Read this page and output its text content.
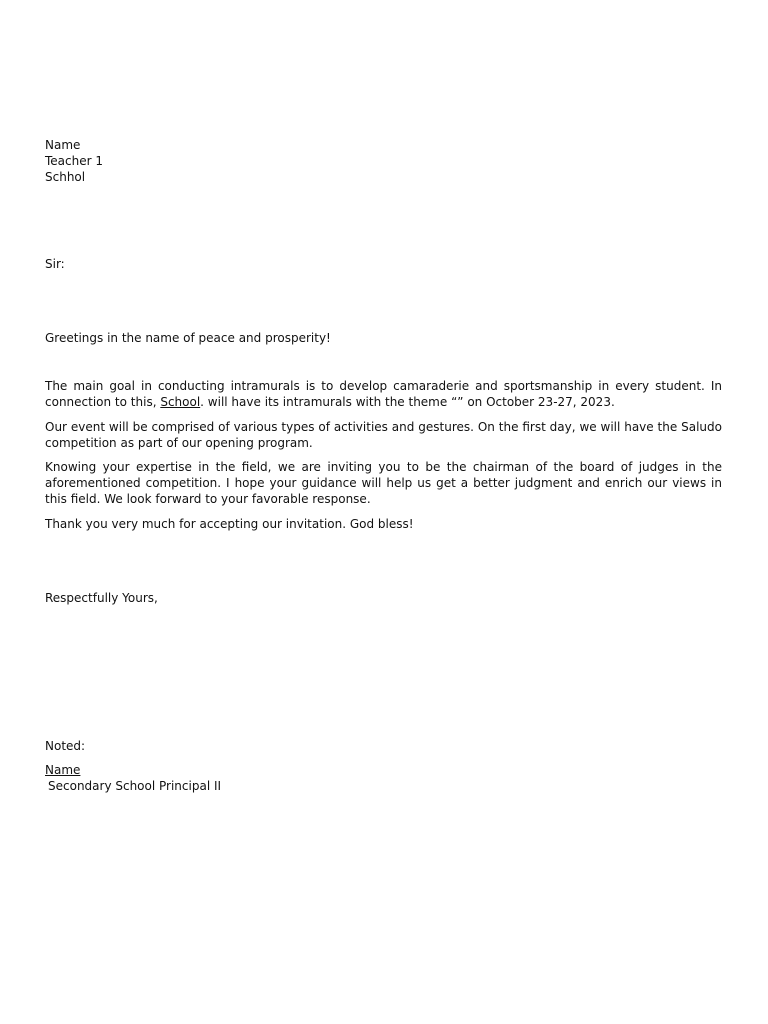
Name
Teacher 1
Schhol

Sir:

Greetings in the name of peace and prosperity!

The main goal in conducting intramurals is to develop camaraderie and sportsmanship in every student. In connection to this, School. will have its intramurals with the theme “” on October 23-27, 2023.

Our event will be comprised of various types of activities and gestures. On the first day, we will have the Saludo competition as part of our opening program.

Knowing your expertise in the field, we are inviting you to be the chairman of the board of judges in the aforementioned competition. I hope your guidance will help us get a better judgment and enrich our views in this field. We look forward to your favorable response.

Thank you very much for accepting our invitation. God bless!

Respectfully Yours,

Noted:

Name
Secondary School Principal II
